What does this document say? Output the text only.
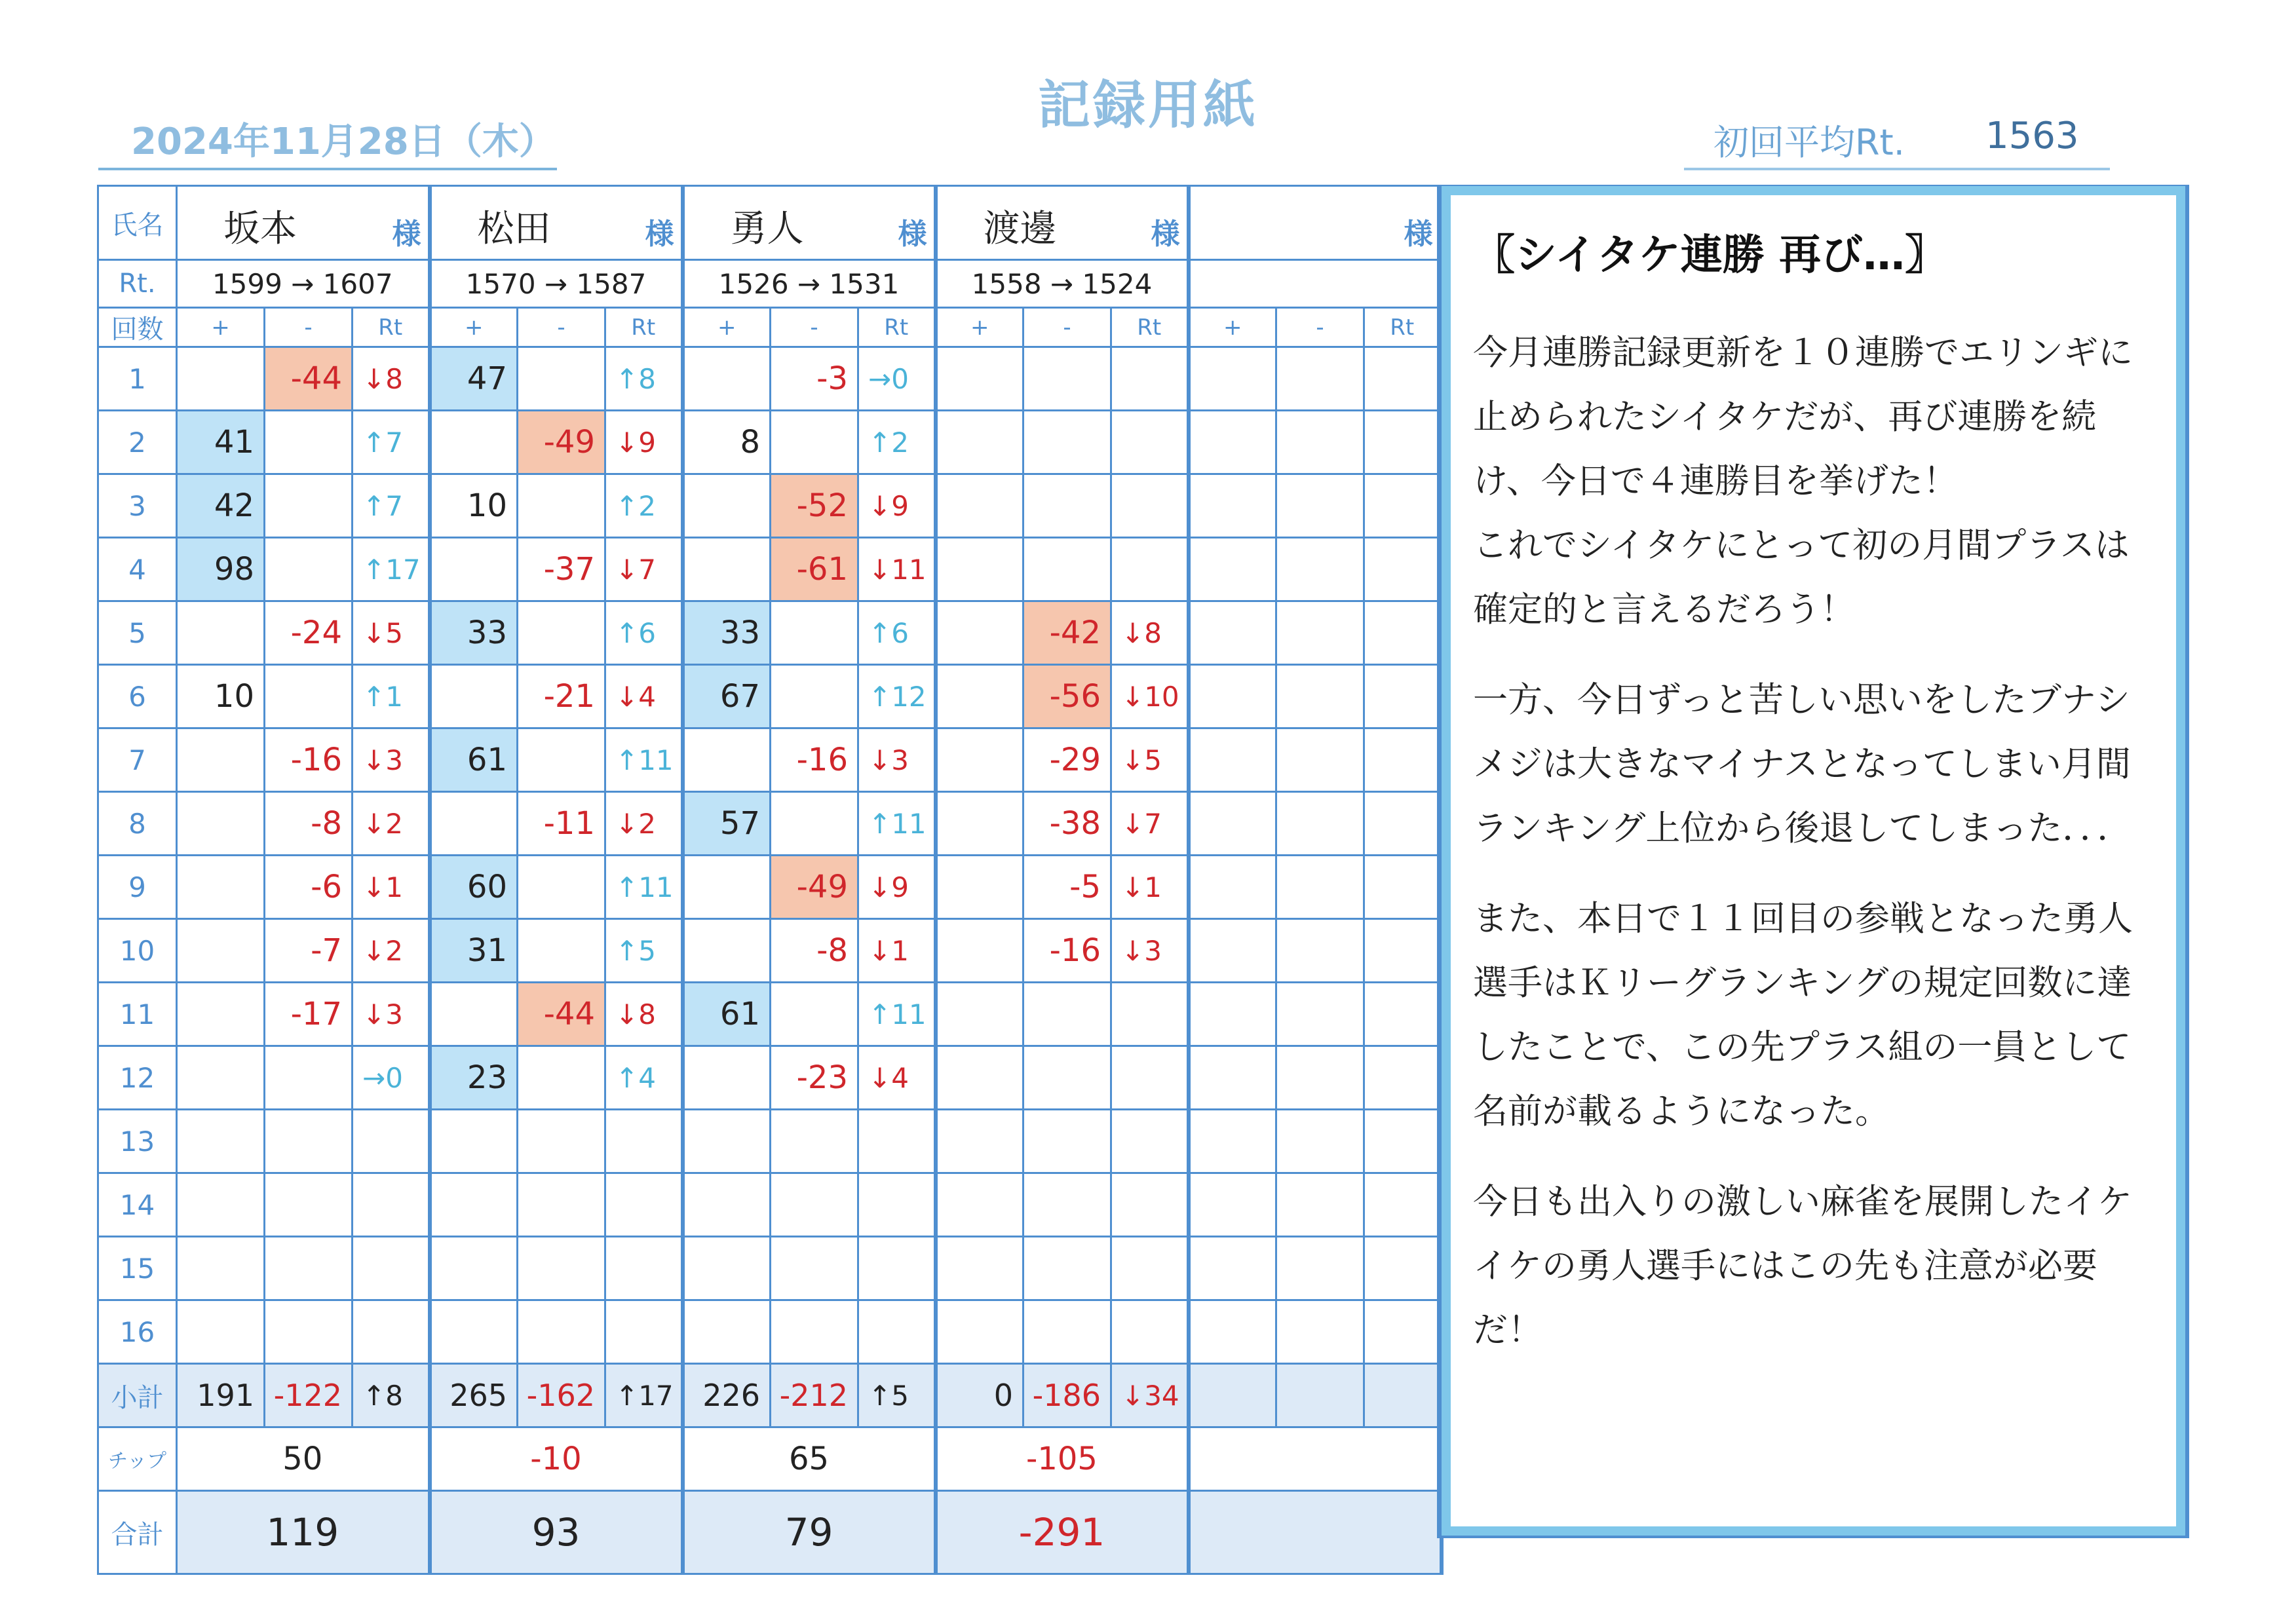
記録用紙
2024年11月28日（木）	初回平均Rt. 1563
氏名	坂本 様			松田 様			勇人 様			渡邊 様			様		

Rt.	1599 → 1607			1570 → 1587			1526 → 1531			1558 → 1524					
回数	+	-	Rt	+	-	Rt	+	-	Rt	+	-	Rt	+	-	Rt
1		-44	↓8	47		↑8		-3	→0						
2	41		↑7		-49	↓9	8		↑2						
3	42		↑7	10		↑2		-52	↓9						
4	98		↑17		-37	↓7		-61	↓11						
5		-24	↓5	33		↑6	33		↑6		-42	↓8			
6	10		↑1		-21	↓4	67		↑12		-56	↓10			
7		-16	↓3	61		↑11		-16	↓3		-29	↓5			
8		-8	↓2		-11	↓2	57		↑11		-38	↓7			
9		-6	↓1	60		↑11		-49	↓9		-5	↓1			
10		-7	↓2	31		↑5		-8	↓1		-16	↓3			
11		-17	↓3		-44	↓8	61		↑11						
12			→0	23		↑4		-23	↓4						
13															
14															
15															
16															
小計	191	-122	↑8	265	-162	↑17	226	-212	↑5	0	-186	↓34			
チップ	50			-10			65			-105					
合計	119			93			79			-291					
〖シイタケ連勝 再び…〗
今月連勝記録更新を１０連勝でエリンギに止められたシイタケだが、再び連勝を続け、今日で４連勝目を挙げた！
これでシイタケにとって初の月間プラスは確定的と言えるだろう！
一方、今日ずっと苦しい思いをしたブナシメジは大きなマイナスとなってしまい月間ランキング上位から後退してしまった．．．
また、本日で１１回目の参戦となった勇人選手はＫリーグランキングの規定回数に達したことで、この先プラス組の一員として名前が載るようになった。
今日も出入りの激しい麻雀を展開したイケイケの勇人選手にはこの先も注意が必要だ！
